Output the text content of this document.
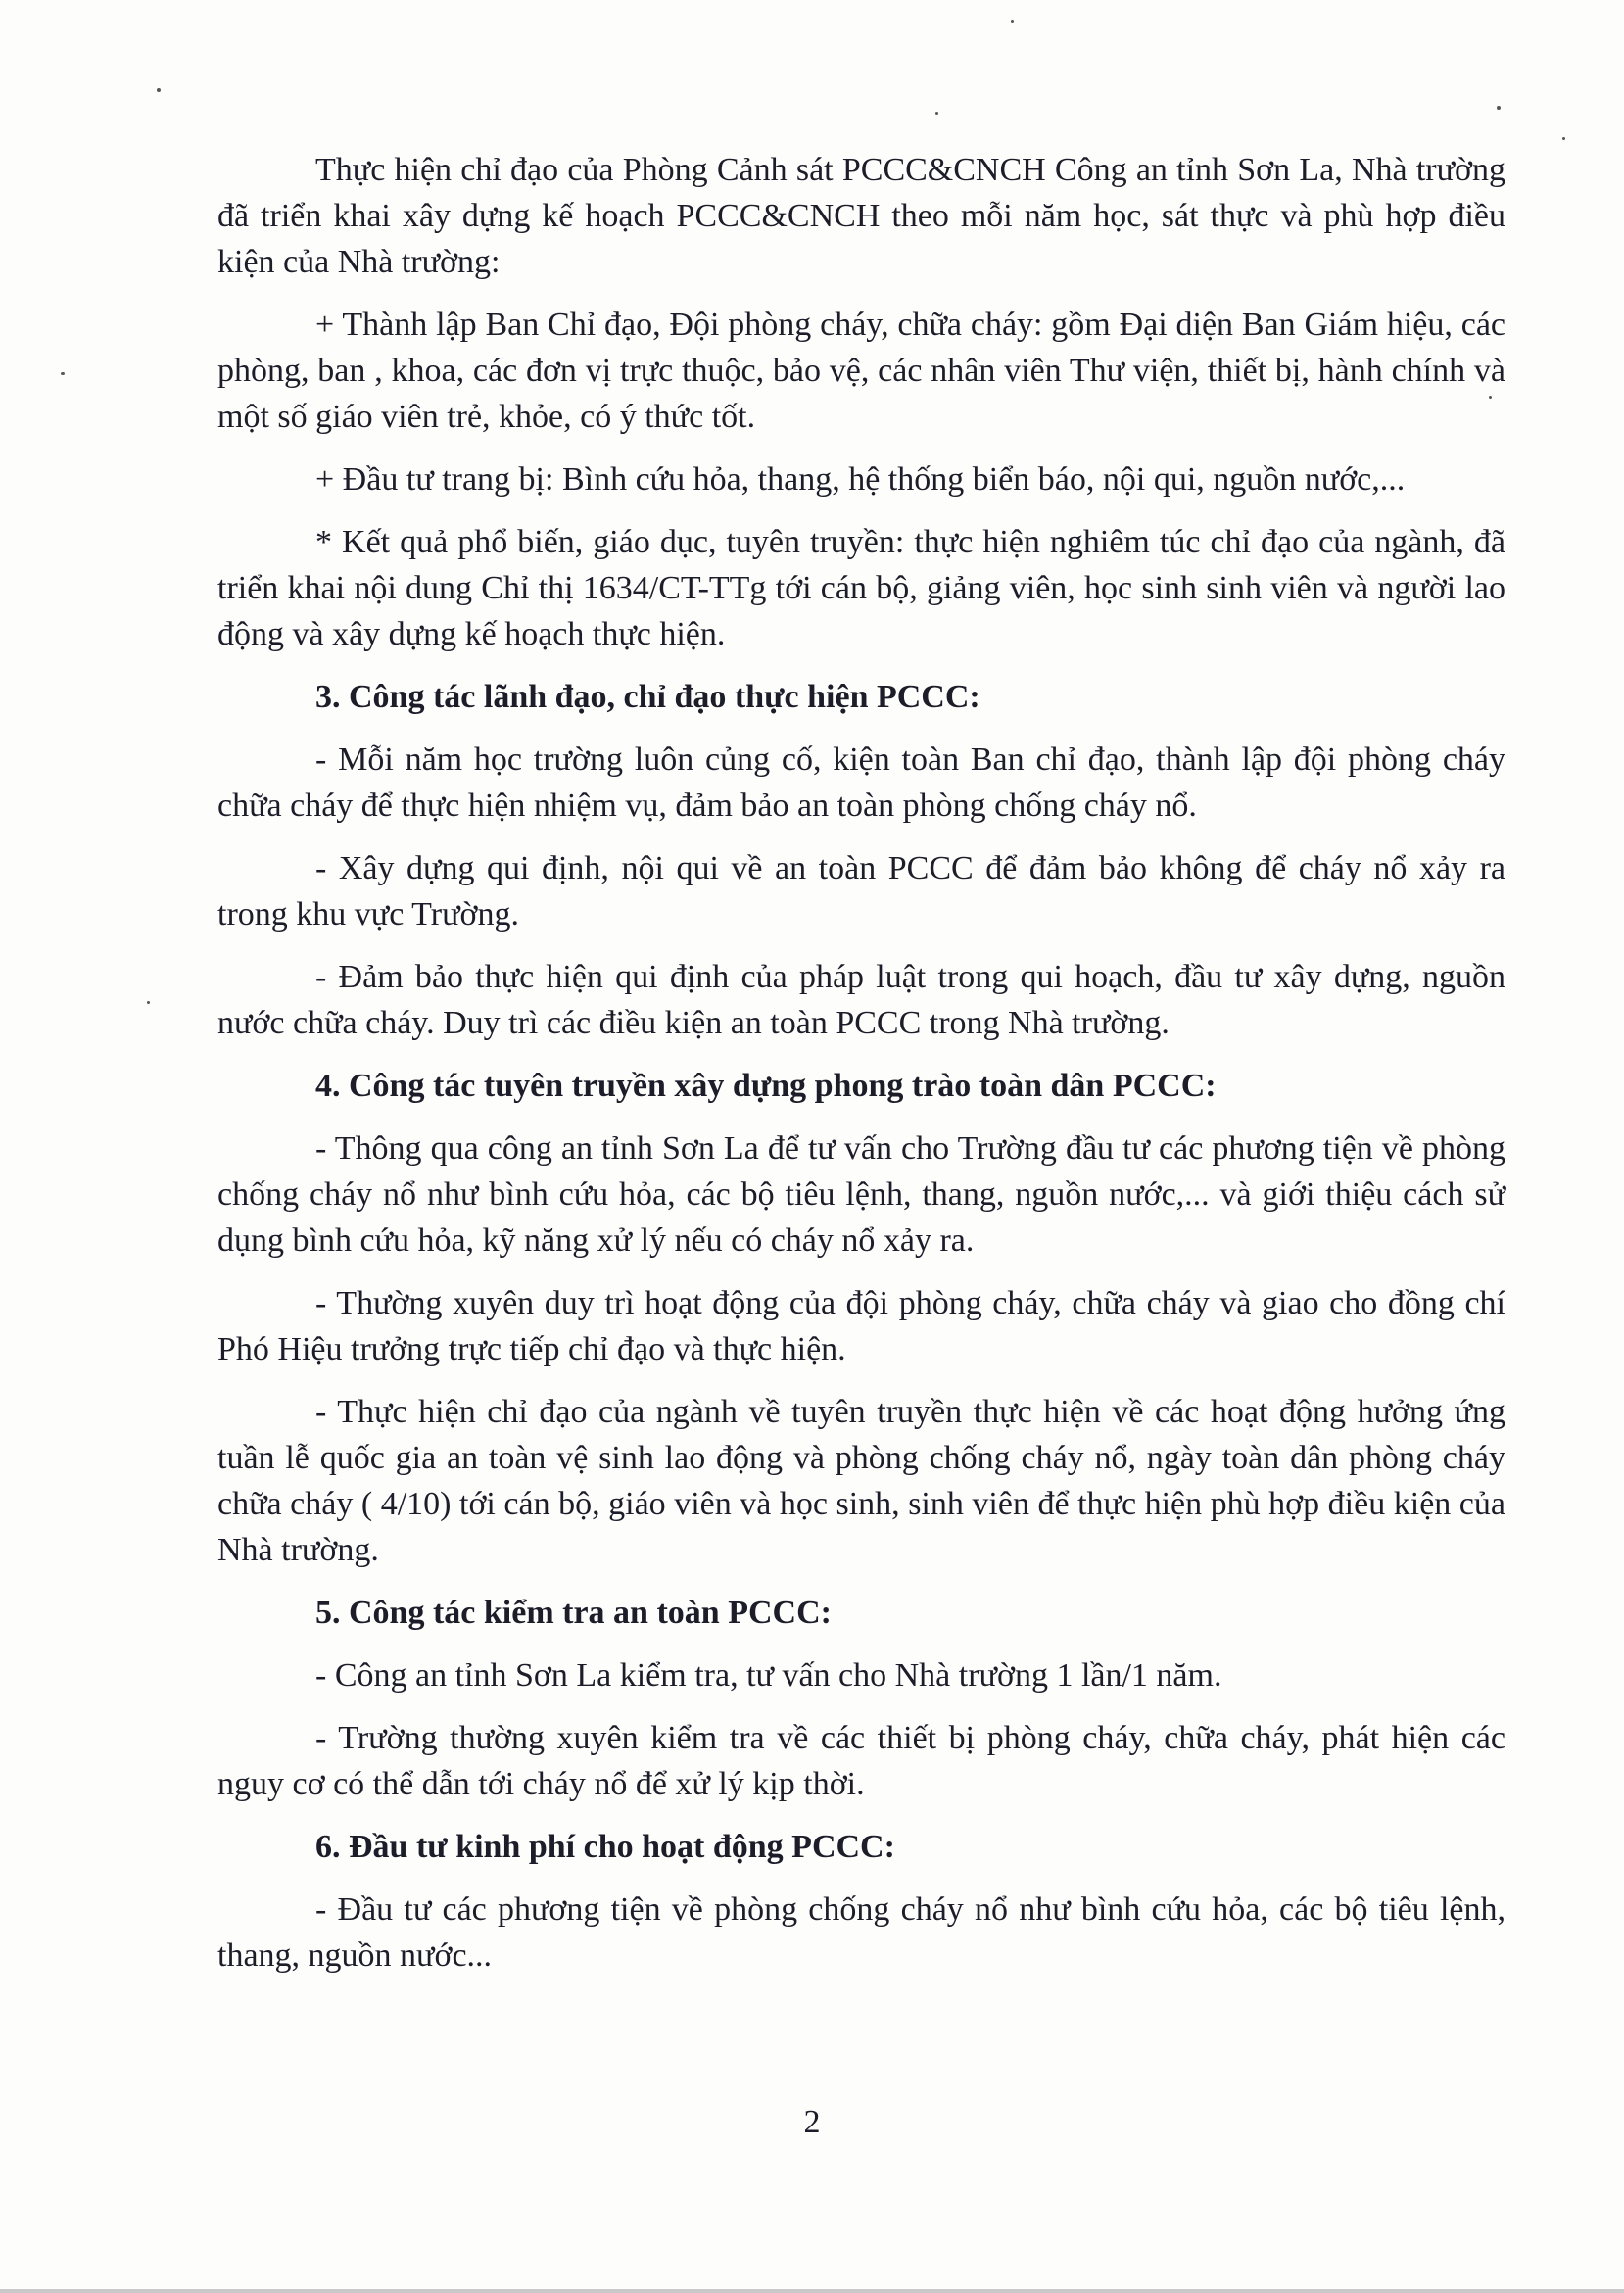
Thực hiện chỉ đạo của Phòng Cảnh sát PCCC&CNCH Công an tỉnh Sơn La, Nhà trường đã triển khai xây dựng kế hoạch PCCC&CNCH theo mỗi năm học, sát thực và phù hợp điều kiện của Nhà trường:

+ Thành lập Ban Chỉ đạo, Đội phòng cháy, chữa cháy: gồm Đại diện Ban Giám hiệu, các phòng, ban , khoa, các đơn vị trực thuộc, bảo vệ, các nhân viên Thư viện, thiết bị, hành chính và một số giáo viên trẻ, khỏe, có ý thức tốt.

+ Đầu tư trang bị: Bình cứu hỏa, thang, hệ thống biển báo, nội qui, nguồn nước,...

* Kết quả phổ biến, giáo dục, tuyên truyền: thực hiện nghiêm túc chỉ đạo của ngành, đã triển khai nội dung Chỉ thị 1634/CT-TTg tới cán bộ, giảng viên, học sinh sinh viên và người lao động và xây dựng kế hoạch thực hiện.

3. Công tác lãnh đạo, chỉ đạo thực hiện PCCC:

- Mỗi năm học trường luôn củng cố, kiện toàn Ban chỉ đạo, thành lập đội phòng cháy chữa cháy để thực hiện nhiệm vụ, đảm bảo an toàn phòng chống cháy nổ.

- Xây dựng qui định, nội qui về an toàn PCCC để đảm bảo không để cháy nổ xảy ra trong khu vực Trường.

- Đảm bảo thực hiện qui định của pháp luật trong qui hoạch, đầu tư xây dựng, nguồn nước chữa cháy. Duy trì các điều kiện an toàn PCCC trong Nhà trường.

4. Công tác tuyên truyền xây dựng phong trào toàn dân PCCC:

- Thông qua công an tỉnh Sơn La để tư vấn cho Trường đầu tư các phương tiện về phòng chống cháy nổ như bình cứu hỏa, các bộ tiêu lệnh, thang, nguồn nước,... và giới thiệu cách sử dụng bình cứu hỏa, kỹ năng xử lý nếu có cháy nổ xảy ra.

- Thường xuyên duy trì hoạt động của đội phòng cháy, chữa cháy và giao cho đồng chí Phó Hiệu trưởng trực tiếp chỉ đạo và thực hiện.

- Thực hiện chỉ đạo của ngành về tuyên truyền thực hiện về các hoạt động hưởng ứng tuần lễ quốc gia an toàn vệ sinh lao động và phòng chống cháy nổ, ngày toàn dân phòng cháy chữa cháy ( 4/10) tới cán bộ, giáo viên và học sinh, sinh viên để thực hiện phù hợp điều kiện của Nhà trường.

5. Công tác kiểm tra an toàn PCCC:

- Công an tỉnh Sơn La kiểm tra, tư vấn cho Nhà trường 1 lần/1 năm.

- Trường thường xuyên kiểm tra về các thiết bị phòng cháy, chữa cháy, phát hiện các nguy cơ có thể dẫn tới cháy nổ để xử lý kịp thời.

6. Đầu tư kinh phí cho hoạt động PCCC:

- Đầu tư các phương tiện về phòng chống cháy nổ như bình cứu hỏa, các bộ tiêu lệnh, thang, nguồn nước...

2
